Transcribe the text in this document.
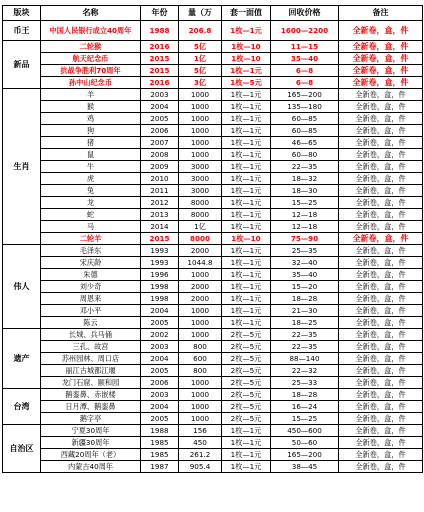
版块	名称	年份	量（万	套一面值	回收价格	备注
币王	中国人民银行成立40周年	1988	206.8	1枚—1元	1600—2200	全新卷，盒，件
新品	二轮猴	2016	5亿	1枚—10	11—15	全新卷，盒，件
	航天纪念币	2015	1亿	1枚—10	35—40	全新卷，盒，件
	抗战争胜利70周年	2015	5亿	1枚—1元	6—8	全新卷，盒，件
	孙中山纪念币	2016	3亿	1枚—5元	6—8	全新卷，盒，件
生肖	羊	2003	1000	1枚—1元	165—200	全新卷，盒，件
	猴	2004	1000	1枚—1元	135—180	全新卷，盒，件
	鸡	2005	1000	1枚—1元	60—85	全新卷，盒，件
	狗	2006	1000	1枚—1元	60—85	全新卷，盒，件
	猪	2007	1000	1枚—1元	46—65	全新卷，盒，件
	鼠	2008	1000	1枚—1元	60—80	全新卷，盒，件
	牛	2009	3000	1枚—1元	22—35	全新卷，盒，件
	虎	2010	3000	1枚—1元	18—32	全新卷，盒，件
	兔	2011	3000	1枚—1元	18—30	全新卷，盒，件
	龙	2012	8000	1枚—1元	15—25	全新卷，盒，件
	蛇	2013	8000	1枚—1元	12—18	全新卷，盒，件
	马	2014	1亿	1枚—1元	12—18	全新卷，盒，件
	二轮羊	2015	8000	1枚—10	75—90	全新卷，盒，件
伟人	毛泽东	1993	2000	1枚—1元	25—35	全新卷，盒，件
	宋庆龄	1993	1044.8	1枚—1元	32—40	全新卷，盒，件
	朱德	1996	1000	1枚—1元	35—40	全新卷，盒，件
	刘少奇	1998	2000	1枚—1元	15—20	全新卷，盒，件
	周恩来	1998	2000	1枚—1元	18—28	全新卷，盒，件
	邓小平	2004	1000	1枚—1元	21—30	全新卷，盒，件
	陈云	2005	1000	1枚—1元	18—25	全新卷，盒，件
遗产	长城、兵马俑	2002	1000	2枚—5元	22—35	全新卷，盒，件
	三孔、故宫	2003	800	2枚—5元	22—35	全新卷，盒，件
	苏州园林、周口店	2004	600	2枚—5元	88—140	全新卷，盒，件
	丽江古城都江堰	2005	800	2枚—5元	22—32	全新卷，盒，件
	龙门石窟、颐和园	2006	1000	2枚—5元	25—33	全新卷，盒，件
台湾	鹅銮鼻、赤嵌楼	2003	1000	2枚—5元	18—28	全新卷，盒，件
	日月潭、鹅銮鼻	2004	1000	2枚—5元	16—24	全新卷，盒，件
	鹅字亭	2005	1000	2枚—5元	15—25	全新卷，盒，件
自治区	宁夏30周年	1988	156	1枚—1元	450—600	全新卷，盒，件
	新疆30周年	1985	450	1枚—1元	50—60	全新卷，盒，件
	西藏20周年（老）	1985	261.2	1枚—1元	165—200	全新卷，盒，件
	内蒙古40周年	1987	905.4	1枚—1元	38—45	全新卷，盒，件
